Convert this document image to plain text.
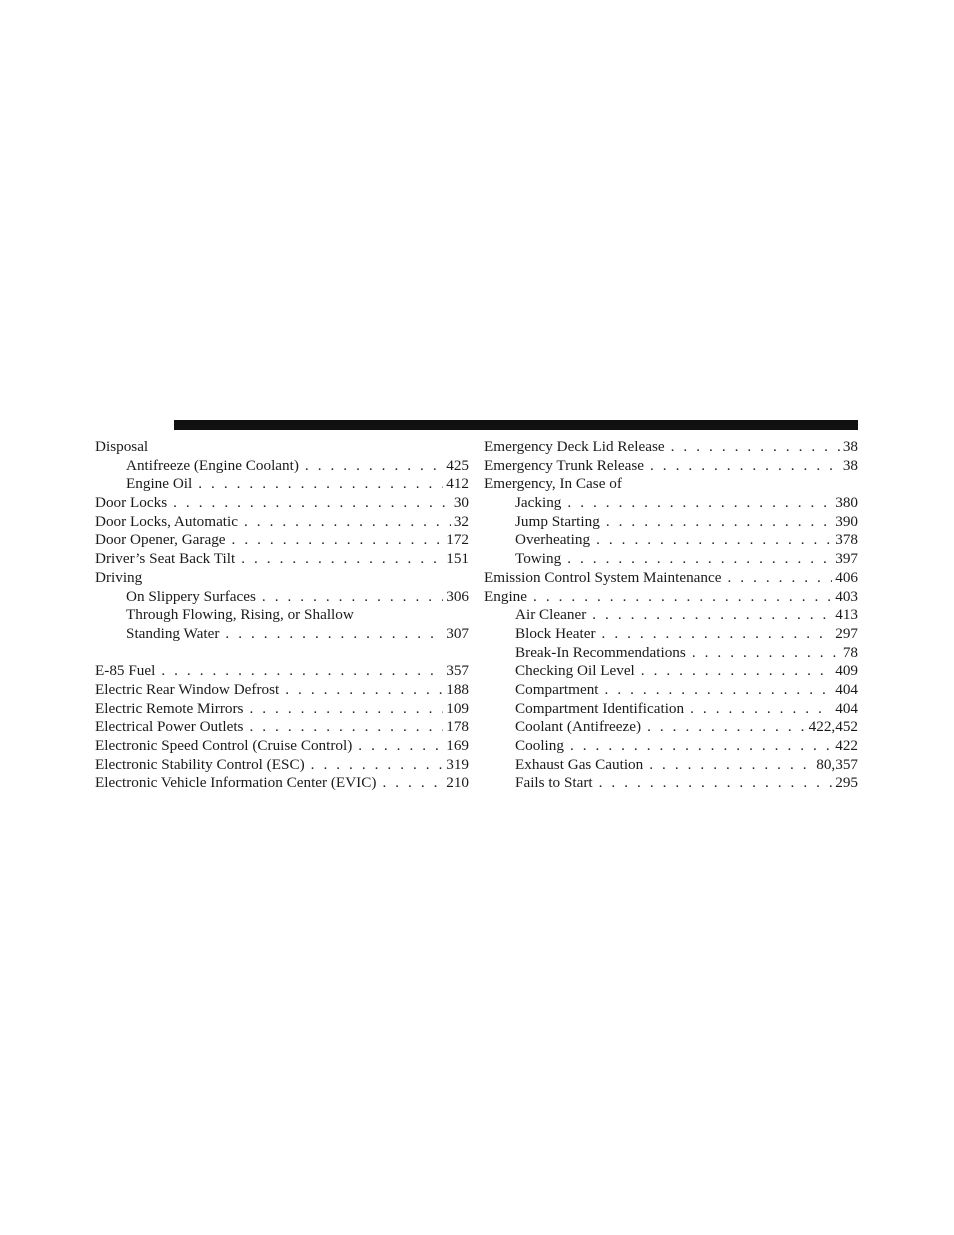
Disposal
Antifreeze (Engine Coolant) . . .	425
Engine Oil . . .	412
Door Locks . . .	30
Door Locks, Automatic . . .	32
Door Opener, Garage . . .	172
Driver’s Seat Back Tilt . . .	151
Driving
On Slippery Surfaces . . .	306
Through Flowing, Rising, or Shallow
Standing Water . . .	307
E-85 Fuel . . .	357
Electric Rear Window Defrost . . .	188
Electric Remote Mirrors . . .	109
Electrical Power Outlets . . .	178
Electronic Speed Control (Cruise Control) . . .	169
Electronic Stability Control (ESC) . . .	319
Electronic Vehicle Information Center (EVIC) . . .	210
Emergency Deck Lid Release . . .	38
Emergency Trunk Release . . .	38
Emergency, In Case of
Jacking . . .	380
Jump Starting . . .	390
Overheating . . .	378
Towing . . .	397
Emission Control System Maintenance . . .	406
Engine . . .	403
Air Cleaner . . .	413
Block Heater . . .	297
Break-In Recommendations . . .	78
Checking Oil Level . . .	409
Compartment . . .	404
Compartment Identification . . .	404
Coolant (Antifreeze) . . .	422,452
Cooling . . .	422
Exhaust Gas Caution . . .	80,357
Fails to Start . . .	295
